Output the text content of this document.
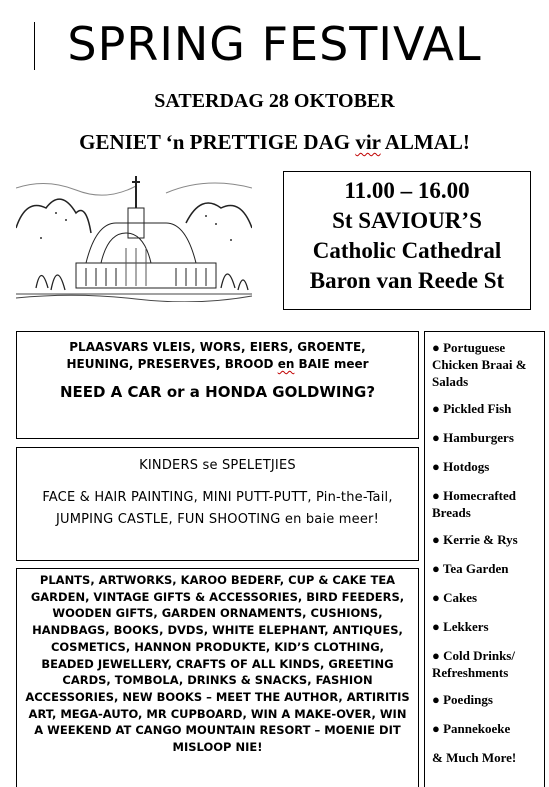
SPRING FESTIVAL
SATERDAG 28 OKTOBER
GENIET ‘n PRETTIGE DAG vir ALMAL!
11.00 – 16.00
St SAVIOUR’S
Catholic Cathedral
Baron van Reede St
PLAASVARS VLEIS, WORS, EIERS, GROENTE,
HEUNING, PRESERVES, BROOD en BAIE meer
NEED A CAR or a HONDA GOLDWING?
KINDERS se SPELETJIES
FACE & HAIR PAINTING, MINI PUTT-PUTT, Pin-the-Tail,
JUMPING CASTLE, FUN SHOOTING en baie meer!
PLANTS, ARTWORKS, KAROO BEDERF, CUP & CAKE TEA GARDEN, VINTAGE GIFTS & ACCESSORIES, BIRD FEEDERS, WOODEN GIFTS, GARDEN ORNAMENTS, CUSHIONS, HANDBAGS, BOOKS, DVDS, WHITE ELEPHANT, ANTIQUES, COSMETICS, HANNON PRODUKTE, KID’S CLOTHING, BEADED JEWELLERY, CRAFTS OF ALL KINDS, GREETING CARDS, TOMBOLA, DRINKS & SNACKS, FASHION ACCESSORIES, NEW BOOKS – MEET THE AUTHOR, ARTIRITIS ART, MEGA-AUTO, MR CUPBOARD, WIN A MAKE-OVER, WIN A WEEKEND AT CANGO MOUNTAIN RESORT – MOENIE DIT MISLOOP NIE!
● Portuguese Chicken Braai & Salads
● Pickled Fish
● Hamburgers
● Hotdogs
● Homecrafted Breads
● Kerrie & Rys
● Tea Garden
● Cakes
● Lekkers
● Cold Drinks/ Refreshments
● Poedings
● Pannekoeke
& Much More!
